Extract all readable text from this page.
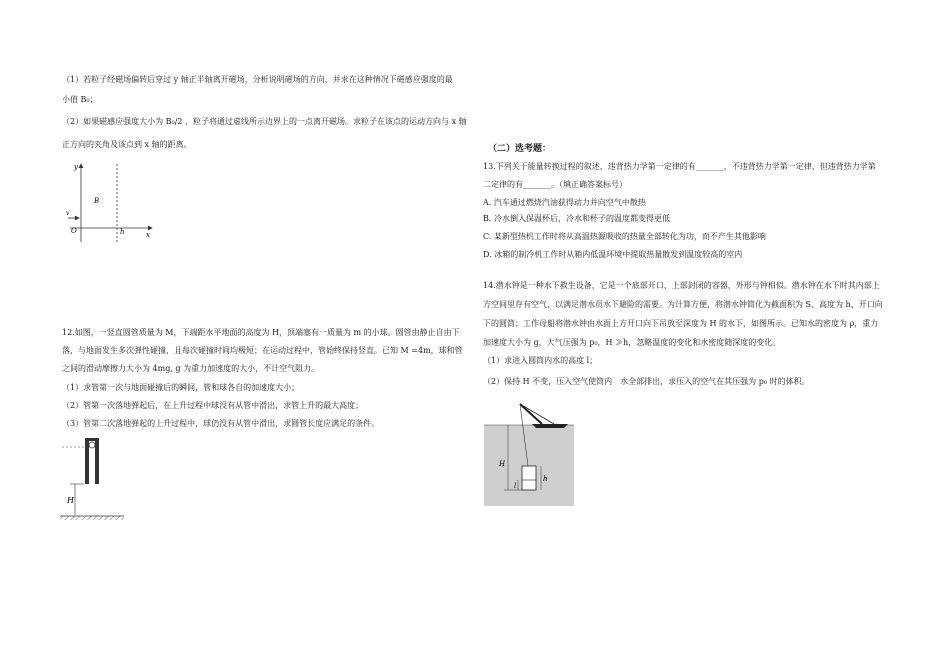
（1）若粒子经磁场偏转后穿过 y 轴正半轴离开磁场，分析说明磁场的方向，并求在这种情况下磁感应强度的最
小值 B₀；
（2）如果磁感应强度大小为 B₀/2 ，粒子将通过虚线所示边界上的一点离开磁场。求粒子在该点的运动方向与 x 轴
正方向的夹角及该点到 x 轴的距离。
y
x
B
v
O	h
12.如图，一竖直圆管质量为 M，下端距水平地面的高度为 H，顶端塞有一质量为 m 的小球。圆管由静止自由下
落，与地面发生多次弹性碰撞，且每次碰撞时间均极短；在运动过程中，管始终保持竖直。已知 M =4m，球和管
之间的滑动摩擦力大小为 4mg, g 为重力加速度的大小，不计空气阻力。
（1）求管第一次与地面碰撞后的瞬间，管和球各自的加速度大小；
（2）管第一次落地弹起后，在上升过程中球没有从管中滑出，求管上升的最大高度；
（3）管第二次落地弹起的上升过程中，球仍没有从管中滑出，求圆管长度应满足的条件。
H
（二）选考题：
13.下列关于能量转换过程的叙述，违背热力学第一定律的有_______，不违背热力学第一定律、但违背热力学第
二定律的有_______。（填正确答案标号）
A. 汽车通过燃烧汽油获得动力并向空气中散热
B. 冷水倒入保温杯后，冷水和杯子的温度都变得更低
C. 某新型热机工作时将从高温热源吸收的热量全部转化为功，而不产生其他影响
D. 冰箱的制冷机工作时从箱内低温环境中提取热量散发到温度较高的室内
14.潜水钟是一种水下救生设备，它是一个底部开口、上部封闭的容器，外形与钟相似。潜水钟在水下时其内部上
方空间里存有空气，以满足潜水员水下避险的需要。为计算方便，将潜水钟简化为截面积为 S、高度为 h、开口向
下的圆筒；工作母船将潜水钟由水面上方开口向下吊放至深度为 H 的水下，如图所示。已知水的密度为 ρ，重力
加速度大小为 g，大气压强为 p₀，H ≫h，忽略温度的变化和水密度随深度的变化。
（1）求进入圆筒内水的高度 l；
（2）保持 H 不变，压入空气使筒内　水全部排出，求压入的空气在其压强为 p₀ 时的体积。
H
h
l
